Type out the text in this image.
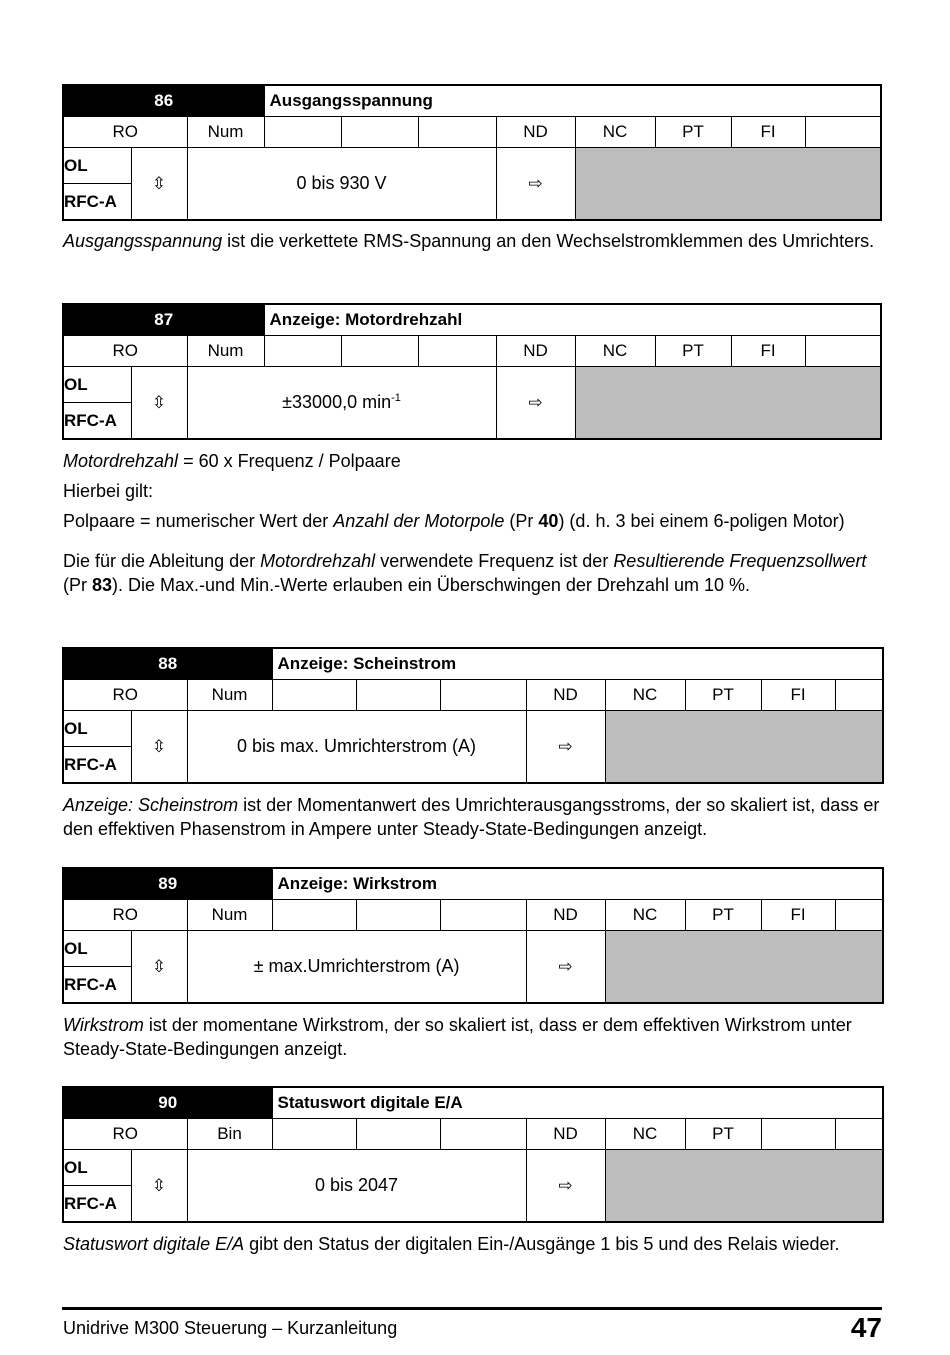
86			Ausgangsspannung							
RO		Num				ND	NC	PT	FI	
OL	⇳	0 bis 930 V				⇨				
RFC-A										

Ausgangsspannung ist die verkettete RMS-Spannung an den Wechselstromklemmen des Umrichters.

87			Anzeige: Motordrehzahl							
RO		Num				ND	NC	PT	FI	
OL	⇳	±33000,0 $\min^{-1}$				⇨				
RFC-A										

Motordrehzahl = 60 x Frequenz / Polpaare

Hierbei gilt:

Polpaare = numerischer Wert der Anzahl der Motorpole (Pr 40) (d. h. 3 bei einem 6-poligen Motor)

Die für die Ableitung der Motordrehzahl verwendete Frequenz ist der Resultierende Frequenzsollwert (Pr 83). Die Max.-und Min.-Werte erlauben ein Überschwingen der Drehzahl um 10 %.

88			Anzeige: Scheinstrom							
RO		Num				ND	NC	PT	FI	
OL	⇳	0 bis max. Umrichterstrom (A)				⇨				
RFC-A										

Anzeige: Scheinstrom ist der Momentanwert des Umrichterausgangsstroms, der so skaliert ist, dass er den effektiven Phasenstrom in Ampere unter Steady-State-Bedingungen anzeigt.

89			Anzeige: Wirkstrom							
RO		Num				ND	NC	PT	FI	
OL	⇳	± max.Umrichterstrom (A)				⇨				
RFC-A										

Wirkstrom ist der momentane Wirkstrom, der so skaliert ist, dass er dem effektiven Wirkstrom unter Steady-State-Bedingungen anzeigt.

90			Statuswort digitale E/A							
RO		Bin				ND	NC	PT		
OL	⇳	0 bis 2047				⇨				
RFC-A										

Statuswort digitale E/A gibt den Status der digitalen Ein-/Ausgänge 1 bis 5 und des Relais wieder.

Unidrive M300 Steuerung – Kurzanleitung	47
